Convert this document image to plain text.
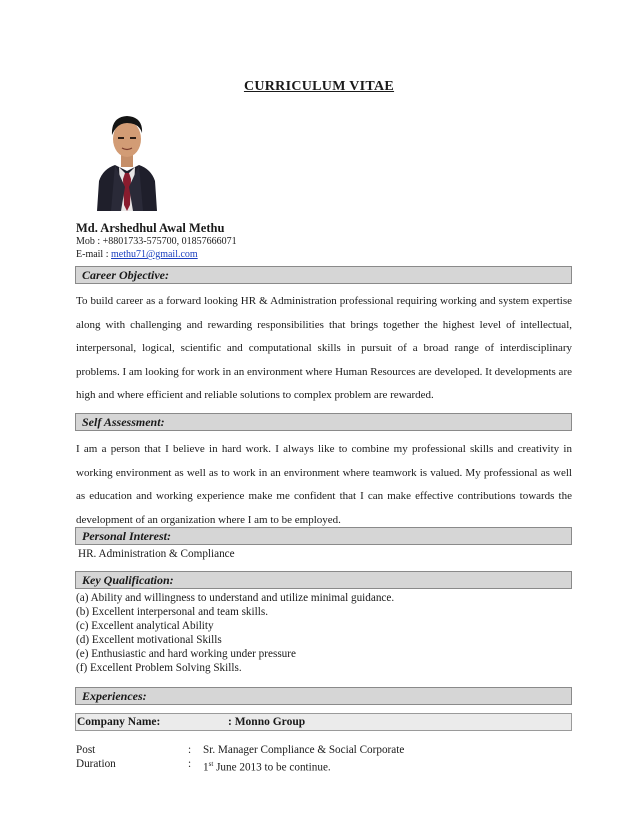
CURRICULUM VITAE
Md. Arshedhul Awal Methu
Mob : +8801733-575700, 01857666071
E-mail : methu71@gmail.com
Career Objective:
To build career as a forward looking HR & Administration professional requiring working and system expertise along with challenging and rewarding responsibilities that brings together the highest level of intellectual, interpersonal, logical, scientific and computational skills in pursuit of a broad range of interdisciplinary problems. I am looking for work in an environment where Human Resources are developed. It developments are high and where efficient and reliable solutions to complex problem are rewarded.
Self Assessment:
I am a person that I believe in hard work. I always like to combine my professional skills and creativity in working environment as well as to work in an environment where teamwork is valued. My professional as well as education and working experience make me confident that I can make effective contributions towards the development of an organization where I am to be employed.
Personal Interest:
HR. Administration & Compliance
Key Qualification:
(a) Ability and willingness to understand and utilize minimal guidance.
(b) Excellent interpersonal and team skills.
(c) Excellent analytical Ability
(d) Excellent motivational Skills
(e) Enthusiastic and hard working under pressure
(f) Excellent Problem Solving Skills.
Experiences:
Company Name:	: Monno Group
Post	: Sr. Manager Compliance & Social Corporate
Duration	: 1st June 2013 to be continue.
